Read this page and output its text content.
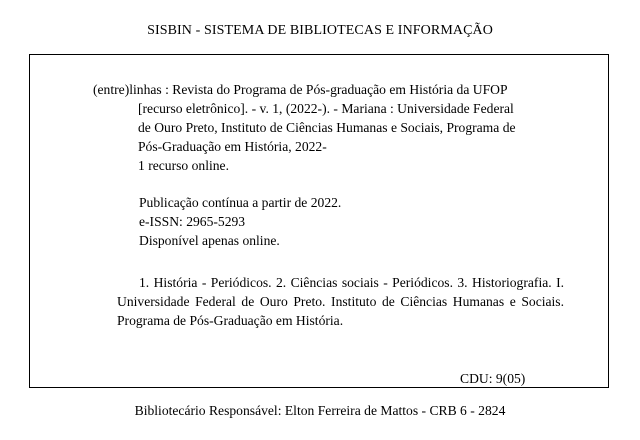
SISBIN - SISTEMA DE BIBLIOTECAS E INFORMAÇÃO
(entre)linhas : Revista do Programa de Pós-graduação em História da UFOP
[recurso eletrônico]. - v. 1, (2022-). - Mariana : Universidade Federal
de Ouro Preto, Instituto de Ciências Humanas e Sociais, Programa de
Pós-Graduação em História, 2022-
1 recurso online.
Publicação contínua a partir de 2022.
e-ISSN: 2965-5293
Disponível apenas online.
1. História - Periódicos. 2. Ciências sociais - Periódicos. 3. Historiografia. I. Universidade Federal de Ouro Preto. Instituto de Ciências Humanas e Sociais. Programa de Pós-Graduação em História.
CDU: 9(05)
Bibliotecário Responsável: Elton Ferreira de Mattos - CRB 6 - 2824
